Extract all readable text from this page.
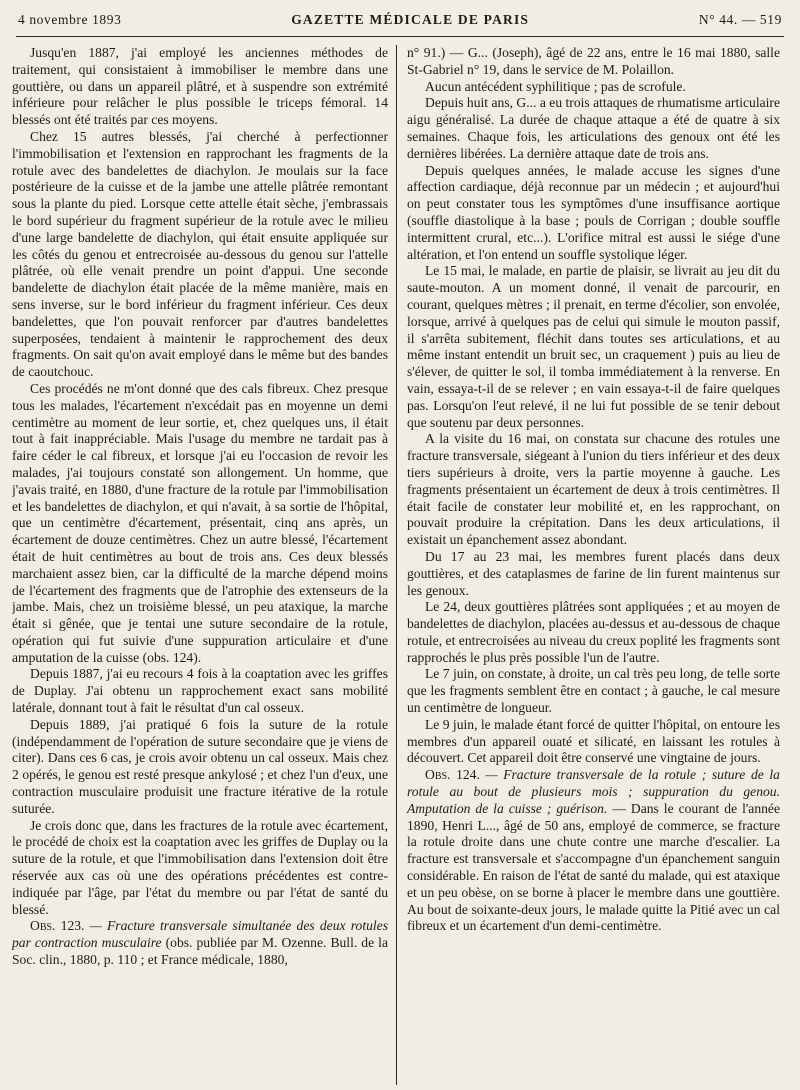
4 novembre 1893	GAZETTE MÉDICALE DE PARIS	N° 44. — 519

Jusqu'en 1887, j'ai employé les anciennes méthodes de traitement, qui consistaient à immobiliser le membre dans une gouttière, ou dans un appareil plâtré, et à suspendre son extrémité inférieure pour relâcher le plus possible le triceps fémoral. 14 blessés ont été traités par ces moyens.

Chez 15 autres blessés, j'ai cherché à perfectionner l'immobilisation et l'extension en rapprochant les fragments de la rotule avec des bandelettes de diachylon. Je moulais sur la face postérieure de la cuisse et de la jambe une attelle plâtrée remontant sous la plante du pied. Lorsque cette attelle était sèche, j'embrassais le bord supérieur du fragment supérieur de la rotule avec le milieu d'une large bandelette de diachylon, qui était ensuite appliquée sur les côtés du genou et entrecroisée au-dessous du genou sur l'attelle plâtrée, où elle venait prendre un point d'appui. Une seconde bandelette de diachylon était placée de la même manière, mais en sens inverse, sur le bord inférieur du fragment inférieur. Ces deux bandelettes, que l'on pouvait renforcer par d'autres bandelettes superposées, tendaient à maintenir le rapprochement des deux fragments. On sait qu'on avait employé dans le même but des bandes de caoutchouc.

Ces procédés ne m'ont donné que des cals fibreux. Chez presque tous les malades, l'écartement n'excédait pas en moyenne un demi centimètre au moment de leur sortie, et, chez quelques uns, il était tout à fait inappréciable. Mais l'usage du membre ne tardait pas à faire céder le cal fibreux, et lorsque j'ai eu l'occasion de revoir les malades, j'ai toujours constaté son allongement. Un homme, que j'avais traité, en 1880, d'une fracture de la rotule par l'immobilisation et les bandelettes de diachylon, et qui n'avait, à sa sortie de l'hôpital, que un centimètre d'écartement, présentait, cinq ans après, un écartement de douze centimètres. Chez un autre blessé, l'écartement était de huit centimètres au bout de trois ans. Ces deux blessés marchaient assez bien, car la difficulté de la marche dépend moins de l'écartement des fragments que de l'atrophie des extenseurs de la jambe. Mais, chez un troisième blessé, un peu ataxique, la marche était si gênée, que je tentai une suture secondaire de la rotule, opération qui fut suivie d'une suppuration articulaire et d'une amputation de la cuisse (obs. 124).

Depuis 1887, j'ai eu recours 4 fois à la coaptation avec les griffes de Duplay. J'ai obtenu un rapprochement exact sans mobilité latérale, donnant tout à fait le résultat d'un cal osseux.

Depuis 1889, j'ai pratiqué 6 fois la suture de la rotule (indépendamment de l'opération de suture secondaire que je viens de citer). Dans ces 6 cas, je crois avoir obtenu un cal osseux. Mais chez 2 opérés, le genou est resté presque ankylosé ; et chez l'un d'eux, une contraction musculaire produisit une fracture itérative de la rotule suturée.

Je crois donc que, dans les fractures de la rotule avec écartement, le procédé de choix est la coaptation avec les griffes de Duplay ou la suture de la rotule, et que l'immobilisation dans l'extension doit être réservée aux cas où une des opérations précédentes est contre-indiquée par l'âge, par l'état du membre ou par l'état de santé du blessé.

Obs. 123. — Fracture transversale simultanée des deux rotules par contraction musculaire (obs. publiée par M. Ozenne. Bull. de la Soc. clin., 1880, p. 110 ; et France médicale, 1880,

n° 91.) — G... (Joseph), âgé de 22 ans, entre le 16 mai 1880, salle St-Gabriel n° 19, dans le service de M. Polaillon.

Aucun antécédent syphilitique ; pas de scrofule.

Depuis huit ans, G... a eu trois attaques de rhumatisme articulaire aigu généralisé. La durée de chaque attaque a été de quatre à six semaines. Chaque fois, les articulations des genoux ont été les dernières libérées. La dernière attaque date de trois ans.

Depuis quelques années, le malade accuse les signes d'une affection cardiaque, déjà reconnue par un médecin ; et aujourd'hui on peut constater tous les symptômes d'une insuffisance aortique (souffle diastolique à la base ; pouls de Corrigan ; double souffle intermittent crural, etc...). L'orifice mitral est aussi le siége d'une altération, et l'on entend un souffle systolique léger.

Le 15 mai, le malade, en partie de plaisir, se livrait au jeu dit du saute-mouton. A un moment donné, il venait de parcourir, en courant, quelques mètres ; il prenait, en terme d'écolier, son envolée, lorsque, arrivé à quelques pas de celui qui simule le mouton passif, il s'arrêta subitement, fléchit dans toutes ses articulations, et au même instant entendit un bruit sec, un craquement ) puis au lieu de s'élever, de quitter le sol, il tomba immédiatement à la renverse. En vain, essaya-t-il de se relever ; en vain essaya-t-il de faire quelques pas. Lorsqu'on l'eut relevé, il ne lui fut possible de se tenir debout que soutenu par deux personnes.

A la visite du 16 mai, on constata sur chacune des rotules une fracture transversale, siégeant à l'union du tiers inférieur et des deux tiers supérieurs à droite, vers la partie moyenne à gauche. Les fragments présentaient un écartement de deux à trois centimètres. Il était facile de constater leur mobilité et, en les rapprochant, on pouvait produire la crépitation. Dans les deux articulations, il existait un épanchement assez abondant.

Du 17 au 23 mai, les membres furent placés dans deux gouttières, et des cataplasmes de farine de lin furent maintenus sur les genoux.

Le 24, deux gouttières plâtrées sont appliquées ; et au moyen de bandelettes de diachylon, placées au-dessus et au-dessous de chaque rotule, et entrecroisées au niveau du creux poplité les fragments sont rapprochés le plus près possible l'un de l'autre.

Le 7 juin, on constate, à droite, un cal très peu long, de telle sorte que les fragments semblent être en contact ; à gauche, le cal mesure un centimètre de longueur.

Le 9 juin, le malade étant forcé de quitter l'hôpital, on entoure les membres d'un appareil ouaté et silicaté, en laissant les rotules à découvert. Cet appareil doit être conservé une vingtaine de jours.

Obs. 124. — Fracture transversale de la rotule ; suture de la rotule au bout de plusieurs mois ; suppuration du genou. Amputation de la cuisse ; guérison. — Dans le courant de l'année 1890, Henri L..., âgé de 50 ans, employé de commerce, se fracture la rotule droite dans une chute contre une marche d'escalier. La fracture est transversale et s'accompagne d'un épanchement sanguin considérable. En raison de l'état de santé du malade, qui est ataxique et un peu obèse, on se borne à placer le membre dans une gouttière. Au bout de soixante-deux jours, le malade quitte la Pitié avec un cal fibreux et un écartement d'un demi-centimètre.
